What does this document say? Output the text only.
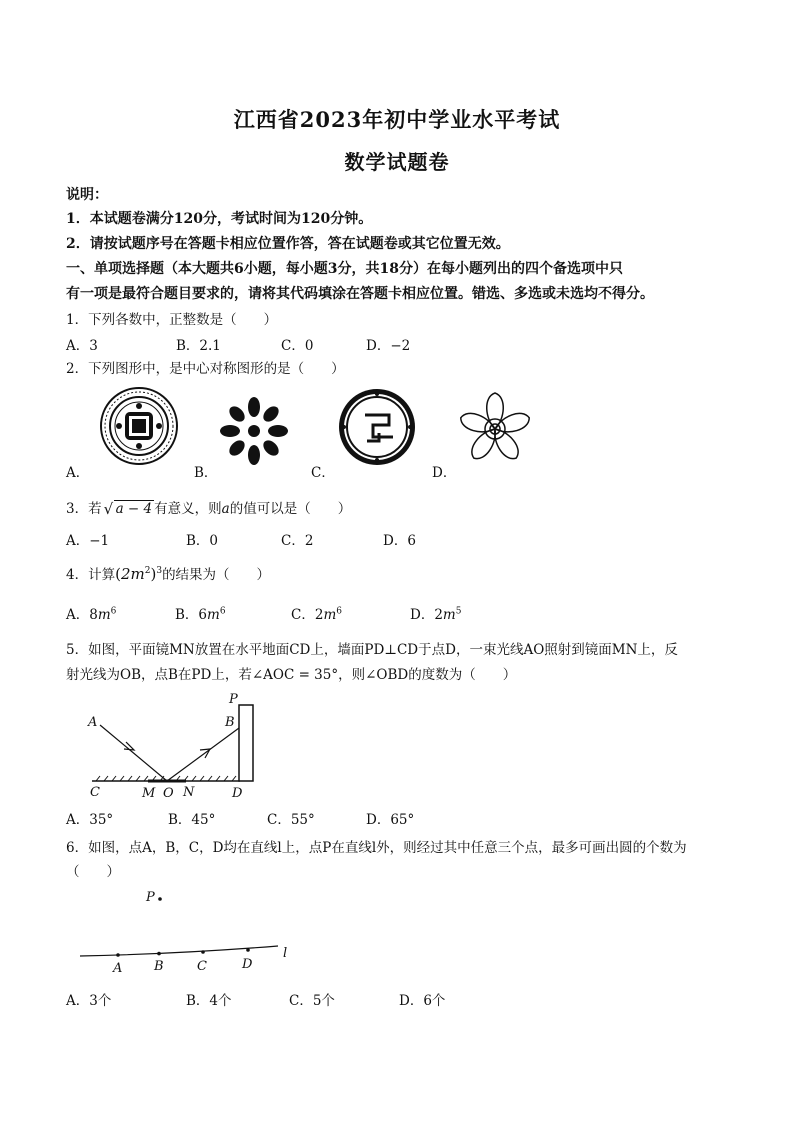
江西省2023年初中学业水平考试
数学试题卷
说明：
1．本试题卷满分120分，考试时间为120分钟。
2．请按试题序号在答题卡相应位置作答，答在试题卷或其它位置无效。
一、单项选择题（本大题共6小题，每小题3分，共18分）在每小题列出的四个备选项中只
有一项是最符合题目要求的，请将其代码填涂在答题卡相应位置。错选、多选或未选均不得分。
1．下列各数中，正整数是（　　）
A．3	B．2.1	C．0	D．−2
2．下列图形中，是中心对称图形的是（　　）
A．	B．	C．	D．
3．若 √ a − 4 有意义，则a的值可以是（　　）
A．−1	B．0	C．2	D．6
4．计算$(2m^2)^3$的结果为（　　）
A．$8m^6$	B．$6m^6$	C．$2m^6$	D．$2m^5$
5．如图，平面镜MN放置在水平地面CD上，墙面PD⊥CD于点D，一束光线AO照射到镜面MN上，反
射光线为OB，点B在PD上，若∠AOC = 35°，则∠OBD的度数为（　　）
A
P
B
C	M O N	D
A．35°	B．45°	C．55°	D．65°
6．如图，点A，B，C，D均在直线l上，点P在直线l外，则经过其中任意三个点，最多可画出圆的个数为
（　　）
P
A B	C	D
l
A．3个	B．4个	C．5个	D．6个
